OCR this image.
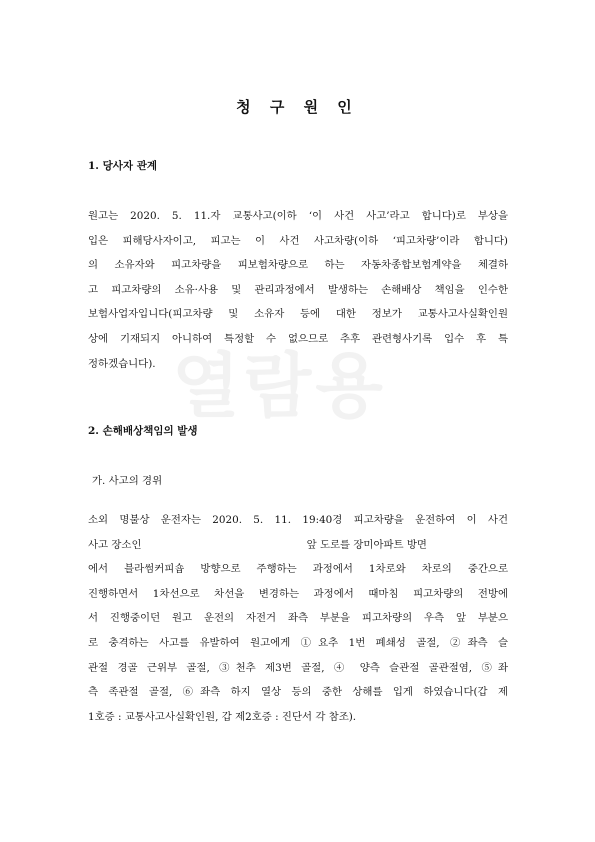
열람용
청 구 원 인
1. 당사자 관계
원고는 2020. 5. 11.자 교통사고(이하 ‘이 사건 사고’라고 합니다)로 부상을
입은 피해당사자이고, 피고는 이 사건 사고차량(이하 ‘피고차량’이라 합니다)
의 소유자와 피고차량을 피보험차량으로 하는 자동차종합보험계약을 체결하
고 피고차량의 소유·사용 및 관리과정에서 발생하는 손해배상 책임을 인수한
보험사업자입니다(피고차량 및 소유자 등에 대한 정보가 교통사고사실확인원
상에 기재되지 아니하여 특정할 수 없으므로 추후 관련형사기록 입수 후 특
정하겠습니다).
2. 손해배상책임의 발생
가. 사고의 경위
소외 명불상 운전자는 2020. 5. 11. 19:40경 피고차량을 운전하여 이 사건
사고 장소인                                                  앞 도로를 장미아파트 방면
에서 블라썸커피숍 방향으로 주행하는 과정에서 1차로와 차로의 중간으로
진행하면서 1차선으로 차선을 변경하는 과정에서 때마침 피고차량의 전방에
서 진행중이던 원고 운전의 자전거 좌측 부분을 피고차량의 우측 앞 부분으
로 충격하는 사고를 유발하여 원고에게 ①요추 1번 폐쇄성 골절, ②좌측 슬
관절 경골 근위부 골절, ③천추 제3번 골절, ④ 양측 슬관절 골관절염, ⑤좌
측 족관절 골절, ⑥좌측 하지 열상 등의 중한 상해를 입게 하였습니다(갑 제
1호증 : 교통사고사실확인원, 갑 제2호증 : 진단서 각 참조).
